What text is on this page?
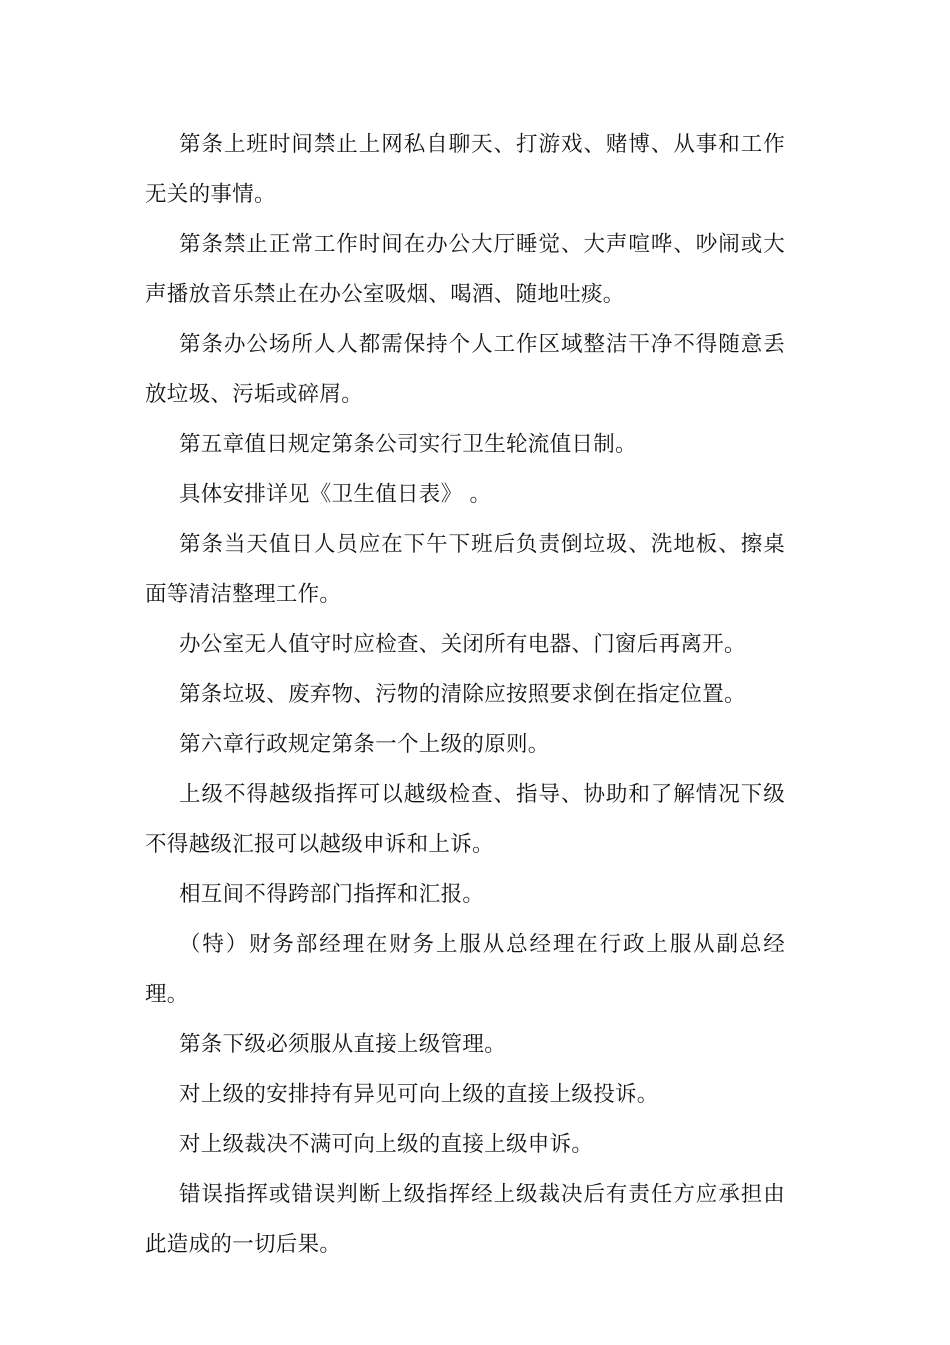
第条上班时间禁止上网私自聊天、打游戏、赌博、从事和工作无关的事情。

第条禁止正常工作时间在办公大厅睡觉、大声喧哗、吵闹或大声播放音乐禁止在办公室吸烟、喝酒、随地吐痰。

第条办公场所人人都需保持个人工作区域整洁干净不得随意丢放垃圾、污垢或碎屑。

第五章值日规定第条公司实行卫生轮流值日制。

具体安排详见《卫生值日表》 。

第条当天值日人员应在下午下班后负责倒垃圾、洗地板、擦桌面等清洁整理工作。

办公室无人值守时应检查、关闭所有电器、门窗后再离开。

第条垃圾、废弃物、污物的清除应按照要求倒在指定位置。

第六章行政规定第条一个上级的原则。

上级不得越级指挥可以越级检查、指导、协助和了解情况下级不得越级汇报可以越级申诉和上诉。

相互间不得跨部门指挥和汇报。

（特）财务部经理在财务上服从总经理在行政上服从副总经理。

第条下级必须服从直接上级管理。

对上级的安排持有异见可向上级的直接上级投诉。

对上级裁决不满可向上级的直接上级申诉。

错误指挥或错误判断上级指挥经上级裁决后有责任方应承担由此造成的一切后果。
